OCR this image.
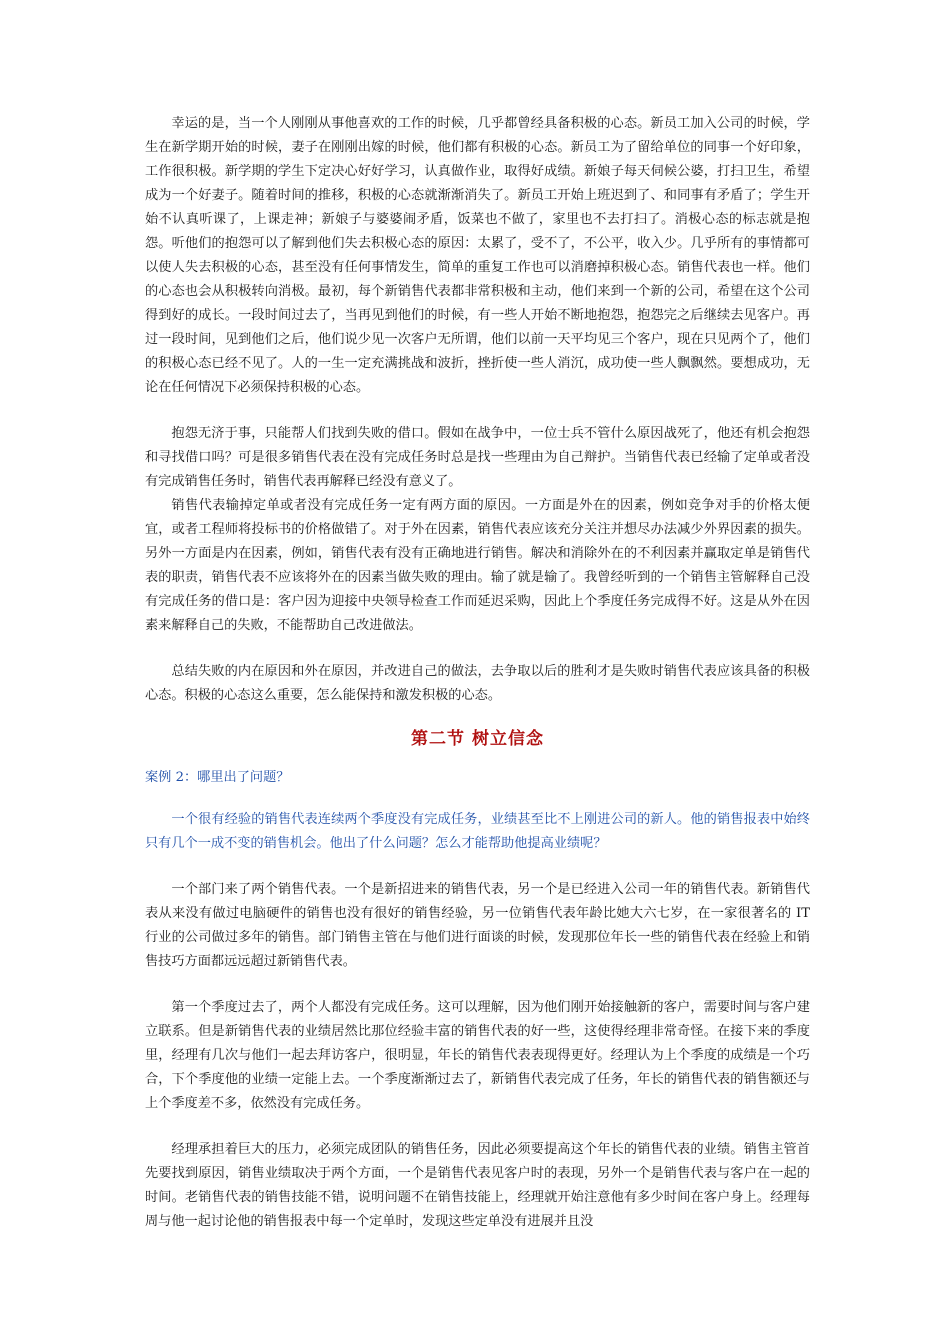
幸运的是，当一个人刚刚从事他喜欢的工作的时候，几乎都曾经具备积极的心态。新员工加入公司的时候，学生在新学期开始的时候，妻子在刚刚出嫁的时候，他们都有积极的心态。新员工为了留给单位的同事一个好印象，工作很积极。新学期的学生下定决心好好学习，认真做作业，取得好成绩。新娘子每天伺候公婆，打扫卫生，希望成为一个好妻子。随着时间的推移，积极的心态就渐渐消失了。新员工开始上班迟到了、和同事有矛盾了；学生开始不认真听课了，上课走神；新娘子与婆婆闹矛盾，饭菜也不做了，家里也不去打扫了。消极心态的标志就是抱怨。听他们的抱怨可以了解到他们失去积极心态的原因：太累了，受不了，不公平，收入少。几乎所有的事情都可以使人失去积极的心态，甚至没有任何事情发生，简单的重复工作也可以消磨掉积极心态。销售代表也一样。他们的心态也会从积极转向消极。最初，每个新销售代表都非常积极和主动，他们来到一个新的公司，希望在这个公司得到好的成长。一段时间过去了，当再见到他们的时候，有一些人开始不断地抱怨，抱怨完之后继续去见客户。再过一段时间，见到他们之后，他们说少见一次客户无所谓，他们以前一天平均见三个客户，现在只见两个了，他们的积极心态已经不见了。人的一生一定充满挑战和波折，挫折使一些人消沉，成功使一些人飘飘然。要想成功，无论在任何情况下必须保持积极的心态。

抱怨无济于事，只能帮人们找到失败的借口。假如在战争中，一位士兵不管什么原因战死了，他还有机会抱怨和寻找借口吗？可是很多销售代表在没有完成任务时总是找一些理由为自己辩护。当销售代表已经输了定单或者没有完成销售任务时，销售代表再解释已经没有意义了。

销售代表输掉定单或者没有完成任务一定有两方面的原因。一方面是外在的因素，例如竞争对手的价格太便宜，或者工程师将投标书的价格做错了。对于外在因素，销售代表应该充分关注并想尽办法减少外界因素的损失。另外一方面是内在因素，例如，销售代表有没有正确地进行销售。解决和消除外在的不利因素并赢取定单是销售代表的职责，销售代表不应该将外在的因素当做失败的理由。输了就是输了。我曾经听到的一个销售主管解释自己没有完成任务的借口是：客户因为迎接中央领导检查工作而延迟采购，因此上个季度任务完成得不好。这是从外在因素来解释自己的失败，不能帮助自己改进做法。

总结失败的内在原因和外在原因，并改进自己的做法，去争取以后的胜利才是失败时销售代表应该具备的积极心态。积极的心态这么重要，怎么能保持和激发积极的心态。

第二节 树立信念
案例 2：哪里出了问题？

一个很有经验的销售代表连续两个季度没有完成任务，业绩甚至比不上刚进公司的新人。他的销售报表中始终只有几个一成不变的销售机会。他出了什么问题？怎么才能帮助他提高业绩呢？

一个部门来了两个销售代表。一个是新招进来的销售代表，另一个是已经进入公司一年的销售代表。新销售代表从来没有做过电脑硬件的销售也没有很好的销售经验，另一位销售代表年龄比她大六七岁，在一家很著名的 IT 行业的公司做过多年的销售。部门销售主管在与他们进行面谈的时候，发现那位年长一些的销售代表在经验上和销售技巧方面都远远超过新销售代表。

第一个季度过去了，两个人都没有完成任务。这可以理解，因为他们刚开始接触新的客户，需要时间与客户建立联系。但是新销售代表的业绩居然比那位经验丰富的销售代表的好一些，这使得经理非常奇怪。在接下来的季度里，经理有几次与他们一起去拜访客户，很明显，年长的销售代表表现得更好。经理认为上个季度的成绩是一个巧合，下个季度他的业绩一定能上去。一个季度渐渐过去了，新销售代表完成了任务，年长的销售代表的销售额还与上个季度差不多，依然没有完成任务。

经理承担着巨大的压力，必须完成团队的销售任务，因此必须要提高这个年长的销售代表的业绩。销售主管首先要找到原因，销售业绩取决于两个方面，一个是销售代表见客户时的表现，另外一个是销售代表与客户在一起的时间。老销售代表的销售技能不错，说明问题不在销售技能上，经理就开始注意他有多少时间在客户身上。经理每周与他一起讨论他的销售报表中每一个定单时，发现这些定单没有进展并且没
